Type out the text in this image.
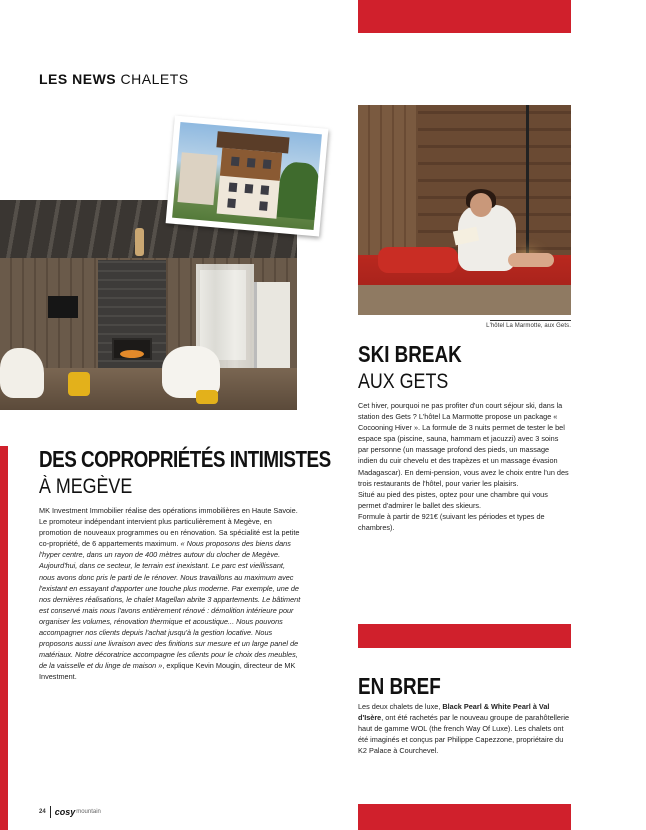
LES NEWS CHALETS
L'hôtel La Marmotte, aux Gets.
DES COPROPRIÉTÉS INTIMISTES
À MEGÈVE

MK Investment Immobilier réalise des opérations immobilières en Haute Savoie. Le promoteur indépendant intervient plus particulièrement à Megève, en promotion de nouveaux programmes ou en rénovation. Sa spécialité est la petite co-propriété, de 6 appartements maximum. « Nous proposons des biens dans l'hyper centre, dans un rayon de 400 mètres autour du clocher de Megève. Aujourd'hui, dans ce secteur, le terrain est inexistant. Le parc est vieillissant, nous avons donc pris le parti de le rénover. Nous travaillons au maximum avec l'existant en essayant d'apporter une touche plus moderne. Par exemple, une de nos dernières réalisations, le chalet Magellan abrite 3 appartements. Le bâtiment est conservé mais nous l'avons entièrement rénové : démolition intérieure pour organiser les volumes, rénovation thermique et acoustique... Nous pouvons accompagner nos clients depuis l'achat jusqu'à la gestion locative. Nous proposons aussi une livraison avec des finitions sur mesure et un large panel de matériaux. Notre décoratrice accompagne les clients pour le choix des meubles, de la vaisselle et du linge de maison », explique Kevin Mougin, directeur de MK Investment.

SKI BREAK
AUX GETS

Cet hiver, pourquoi ne pas profiter d'un court séjour ski, dans la station des Gets ? L'hôtel La Marmotte propose un package « Cocooning Hiver ». La formule de 3 nuits permet de tester le bel espace spa (piscine, sauna, hammam et jacuzzi) avec 3 soins par personne (un massage profond des pieds, un massage indien du cuir chevelu et des trapèzes et un massage évasion Madagascar). En demi-pension, vous avez le choix entre l'un des trois restaurants de l'hôtel, pour varier les plaisirs.

Situé au pied des pistes, optez pour une chambre qui vous permet d'admirer le ballet des skieurs.

Formule à partir de 921€ (suivant les périodes et types de chambres).

EN BREF
Les deux chalets de luxe, Black Pearl & White Pearl à Val d'Isère, ont été rachetés par le nouveau groupe de parahôtellerie haut de gamme WOL (the french Way Of Luxe). Les chalets ont été imaginés et conçus par Philippe Capezzone, propriétaire du K2 Palace à Courchevel.
24 cosy mountain
